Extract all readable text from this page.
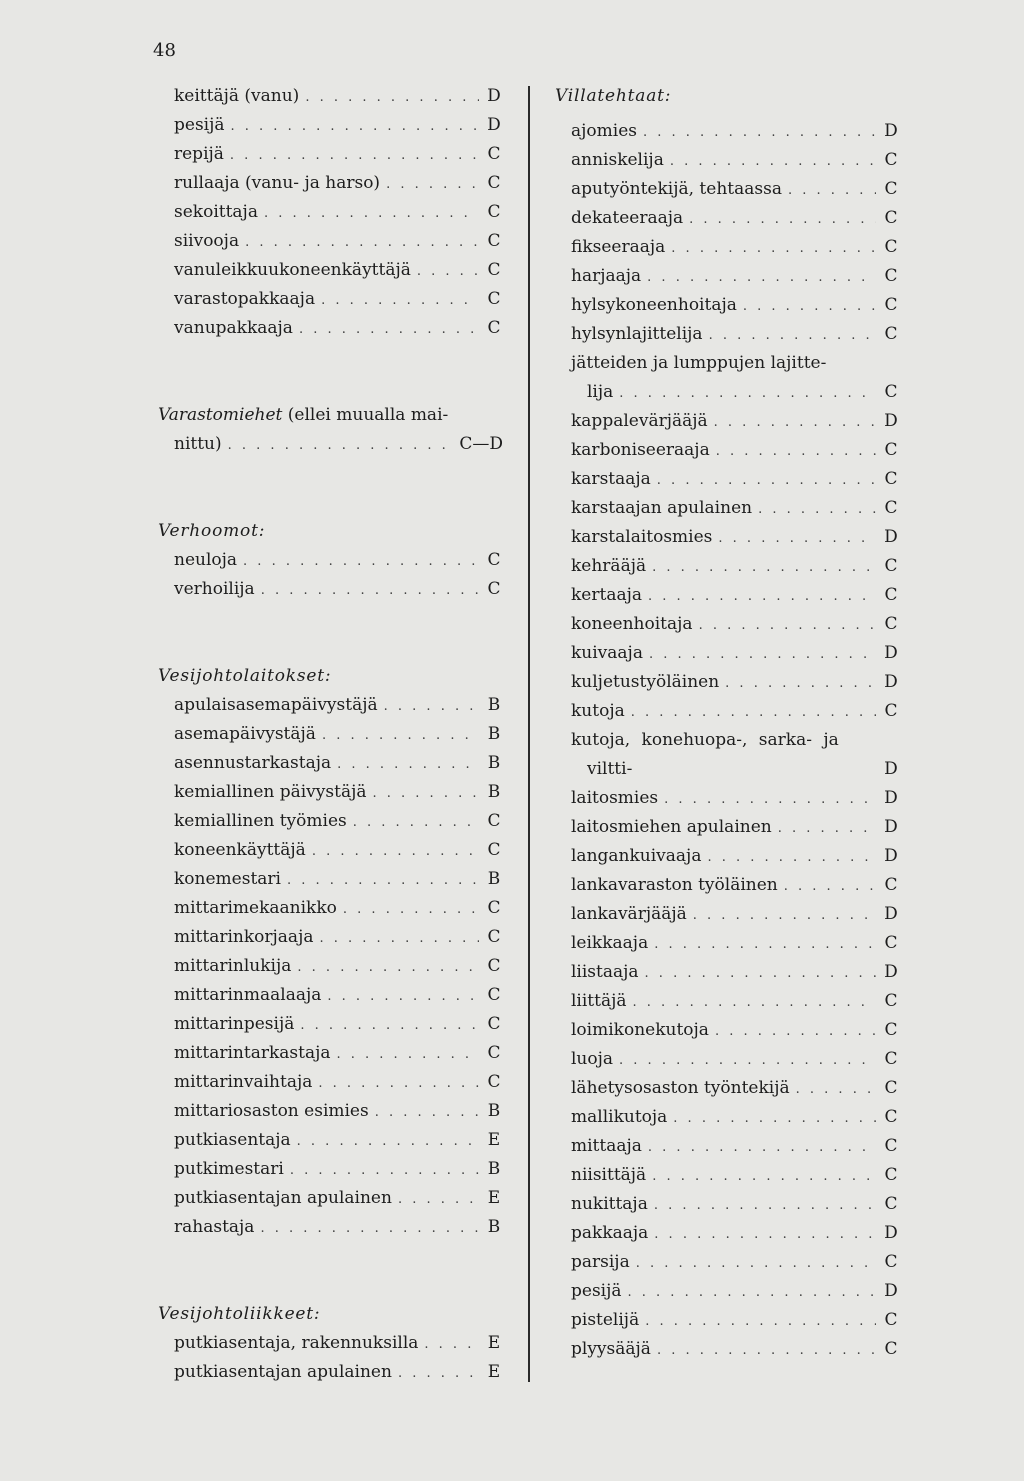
48
keittäjä (vanu) . . .	D
pesijä . . .	D
repijä . . .	C
rullaaja (vanu- ja harso) . . .	C
sekoittaja . . .	C
siivooja . . .	C
vanuleikkuukoneenkäyttäjä . . .	C
varastopakkaaja . . .	C
vanupakkaaja . . .	C
Varastomiehet (ellei muualla mai-
nittu) . . .	C—D
Verhoomot:
neuloja . . .	C
verhoilija . . .	C
Vesijohtolaitokset:
apulaisasemapäivystäjä . . .	B
asemapäivystäjä . . .	B
asennustarkastaja . . .	B
kemiallinen päivystäjä . . .	B
kemiallinen työmies . . .	C
koneenkäyttäjä . . .	C
konemestari . . .	B
mittarimekaanikko . . .	C
mittarinkorjaaja . . .	C
mittarinlukija . . .	C
mittarinmaalaaja . . .	C
mittarinpesijä . . .	C
mittarintarkastaja . . .	C
mittarinvaihtaja . . .	C
mittariosaston esimies . . .	B
putkiasentaja . . .	E
putkimestari . . .	B
putkiasentajan apulainen . . .	E
rahastaja . . .	B
Vesijohtoliikkeet:
putkiasentaja, rakennuksilla . . .	E
putkiasentajan apulainen . . .	E
Villatehtaat:
ajomies . . .	D
anniskelija . . .	C
aputyöntekijä, tehtaassa . . .	C
dekateeraaja . . .	C
fikseeraaja . . .	C
harjaaja . . .	C
hylsykoneenhoitaja . . .	C
hylsynlajittelija . . .	C
jätteiden ja lumppujen lajitte-
lija . . .	C
kappalevärjääjä . . .	D
karboniseeraaja . . .	C
karstaaja . . .	C
karstaajan apulainen . . .	C
karstalaitosmies . . .	D
kehrääjä . . .	C
kertaaja . . .	C
koneenhoitaja . . .	C
kuivaaja . . .	D
kuljetustyöläinen . . .	D
kutoja . . .	C
kutoja, konehuopa-, sarka- ja
viltti-	D
laitosmies . . .	D
laitosmiehen apulainen . . .	D
langankuivaaja . . .	D
lankavaraston työläinen . . .	C
lankavärjääjä . . .	D
leikkaaja . . .	C
liistaaja . . .	D
liittäjä . . .	C
loimikonekutoja . . .	C
luoja . . .	C
lähetysosaston työntekijä . . .	C
mallikutoja . . .	C
mittaaja . . .	C
niisittäjä . . .	C
nukittaja . . .	C
pakkaaja . . .	D
parsija . . .	C
pesijä . . .	D
pistelijä . . .	C
plyysääjä . . .	C
